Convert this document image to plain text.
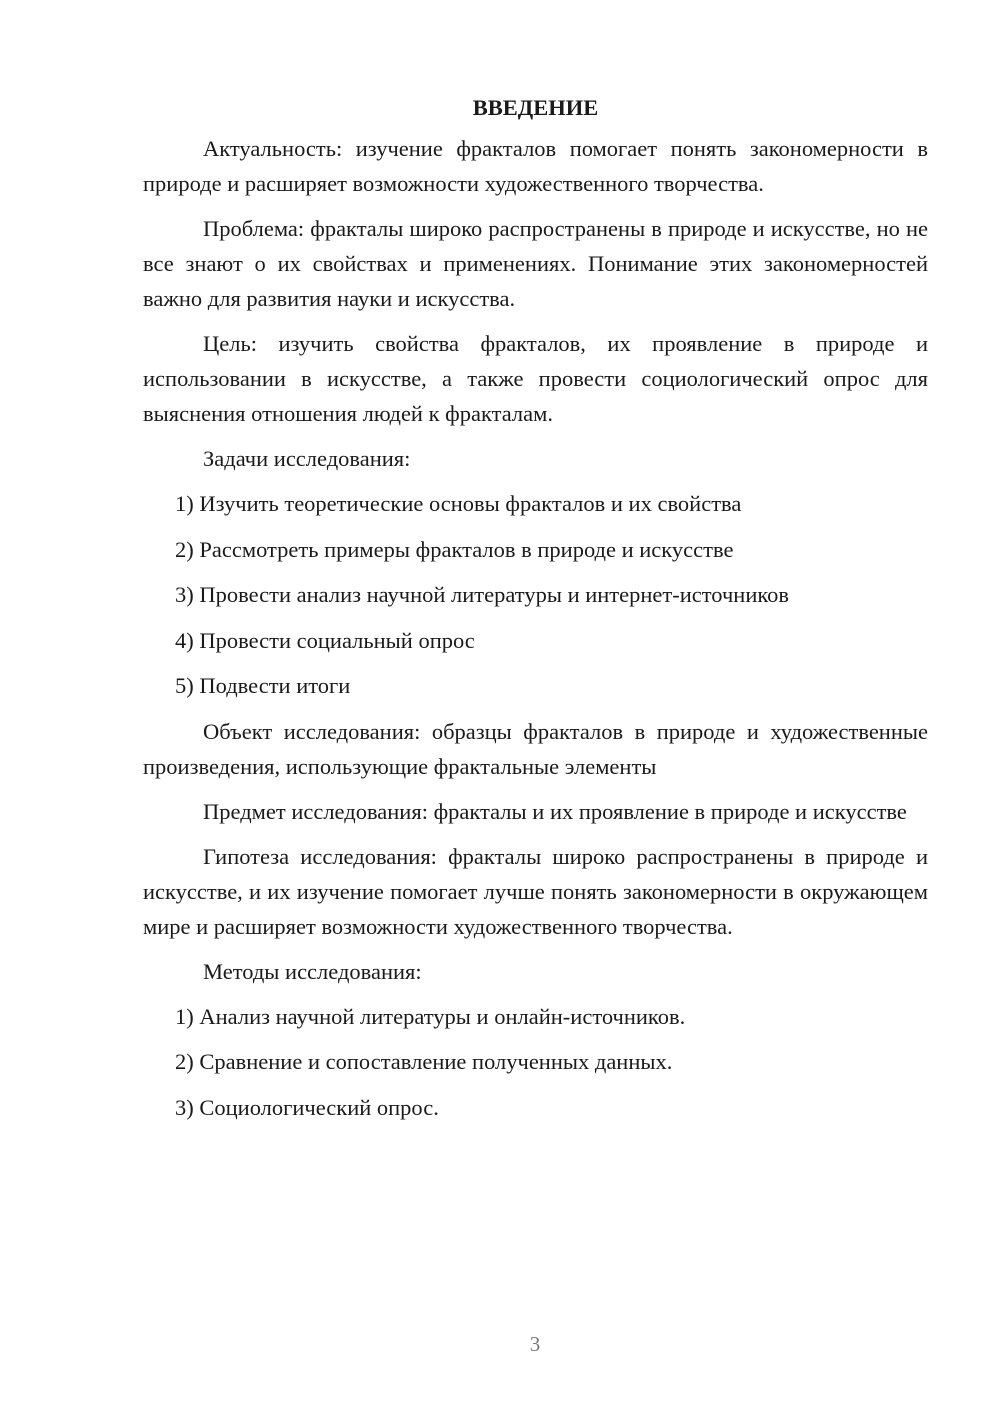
ВВЕДЕНИЕ

Актуальность: изучение фракталов помогает понять закономерности в природе и расширяет возможности художественного творчества.

Проблема: фракталы широко распространены в природе и искусстве, но не все знают о их свойствах и применениях. Понимание этих закономерностей важно для развития науки и искусства.

Цель: изучить свойства фракталов, их проявление в природе и использовании в искусстве, а также провести социологический опрос для выяснения отношения людей к фракталам.

Задачи исследования:

1) Изучить теоретические основы фракталов и их свойства
2) Рассмотреть примеры фракталов в природе и искусстве
3) Провести анализ научной литературы и интернет-источников
4) Провести социальный опрос
5) Подвести итоги

Объект исследования: образцы фракталов в природе и художественные произведения, использующие фрактальные элементы

Предмет исследования: фракталы и их проявление в природе и искусстве

Гипотеза исследования: фракталы широко распространены в природе и искусстве, и их изучение помогает лучше понять закономерности в окружающем мире и расширяет возможности художественного творчества.

Методы исследования:

1) Анализ научной литературы и онлайн-источников.
2) Сравнение и сопоставление полученных данных.
3) Социологический опрос.
3
